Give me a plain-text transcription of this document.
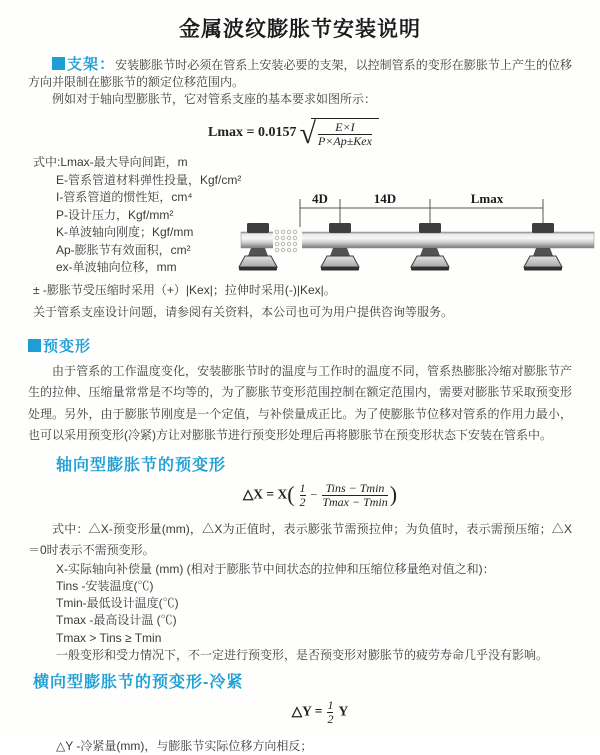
金属波纹膨胀节安装说明

支架：安装膨胀节时必须在管系上安装必要的支架，以控制管系的变形在膨胀节上产生的位移方向并限制在膨胀节的额定位移范围内。

例如对于轴向型膨胀节，它对管系支座的基本要求如图所示：

Lmax = 0.0157 √ $\frac{E\times I}{\text{P×Ap±Kex}}$
式中:Lmax-最大导向间距，m
E-管系管道材料弹性投量，Kgf/cm²
I-管系管道的惯性矩，cm⁴
P-设计压力，Kgf/mm²
K-单波轴向刚度；Kgf/mm
Ap-膨胀节有效面积，cm²
ex-单波轴向位移，mm
± -膨胀节受压缩时采用（+）|Kex|；拉伸时采用(-)|Kex|。
关于管系支座设计问题，请参阅有关资料，本公司也可为用户提供咨询等服务。
4D	14D	Lmax
预变形

由于管系的工作温度变化，安装膨胀节时的温度与工作时的温度不同，管系热膨胀冷缩对膨胀节产生的拉伸、压缩量常常是不均等的，为了膨胀节变形范围控制在额定范围内，需要对膨胀节采取预变形处理。另外，由于膨胀节刚度是一个定值，与补偿量成正比。为了使膨胀节位移对管系的作用力最小，也可以采用预变形(冷紧)方让对膨胀节进行预变形处理后再将膨胀节在预变形状态下安装在管系中。

轴向型膨胀节的预变形
△X = $X( \frac{1}{2} - \frac{\text{Tins − Tmin}}{Tmax - Tmin}$ )

式中：△X-预变形量(mm)，△X为正值时，表示膨张节需预拉伸；为负值时，表示需预压缩；△X＝0时表示不需预变形。

X-实际轴向补偿量 (mm) (相对于膨胀节中间状态的拉伸和压缩位移量绝对值之和)：
Tins -安装温度(℃)
Tmin-最低设计温度(℃)
Tmax -最高设计温 (℃)
Tmax > Tins ≥ Tmin
一般变形和受力情况下，不一定进行预变形，是否预变形对膨胀节的疲劳寿命几乎没有影响。
横向型膨胀节的预变形-冷紧
△Y = $\frac{1}{2}$ Y
△Y -冷紧量(mm)，与膨胀节实际位移方向相反；
